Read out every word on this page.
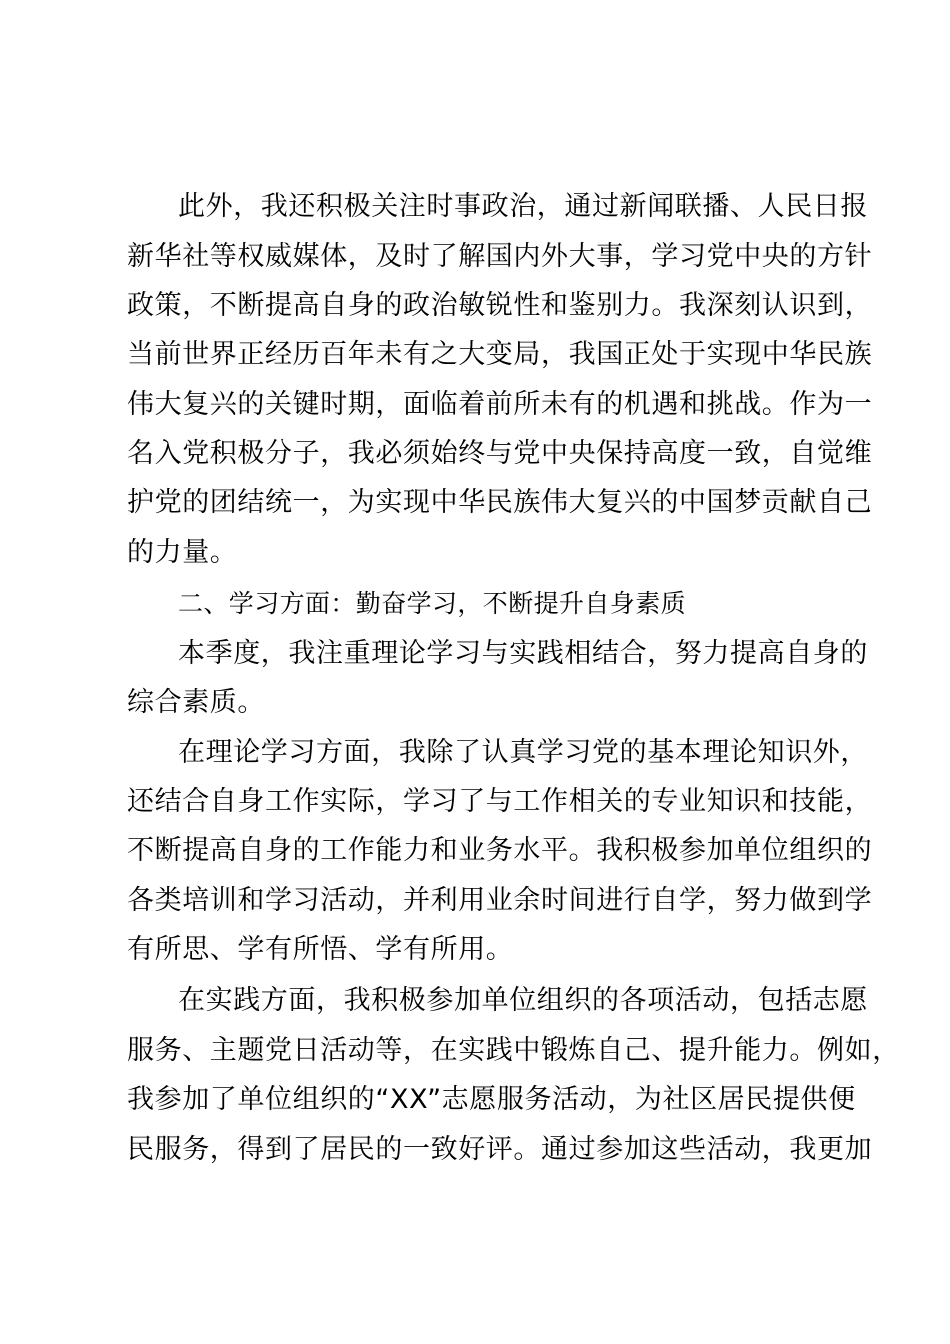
此外，我还积极关注时事政治，通过新闻联播、人民日报
新华社等权威媒体，及时了解国内外大事，学习党中央的方针
政策，不断提高自身的政治敏锐性和鉴别力。我深刻认识到，
当前世界正经历百年未有之大变局，我国正处于实现中华民族
伟大复兴的关键时期，面临着前所未有的机遇和挑战。作为一
名入党积极分子，我必须始终与党中央保持高度一致，自觉维
护党的团结统一，为实现中华民族伟大复兴的中国梦贡献自己
的力量。
二、学习方面：勤奋学习，不断提升自身素质
本季度，我注重理论学习与实践相结合，努力提高自身的
综合素质。
在理论学习方面，我除了认真学习党的基本理论知识外，
还结合自身工作实际，学习了与工作相关的专业知识和技能，
不断提高自身的工作能力和业务水平。我积极参加单位组织的
各类培训和学习活动，并利用业余时间进行自学，努力做到学
有所思、学有所悟、学有所用。
在实践方面，我积极参加单位组织的各项活动，包括志愿
服务、主题党日活动等，在实践中锻炼自己、提升能力。例如，
我参加了单位组织的“XX”志愿服务活动，为社区居民提供便
民服务，得到了居民的一致好评。通过参加这些活动，我更加
